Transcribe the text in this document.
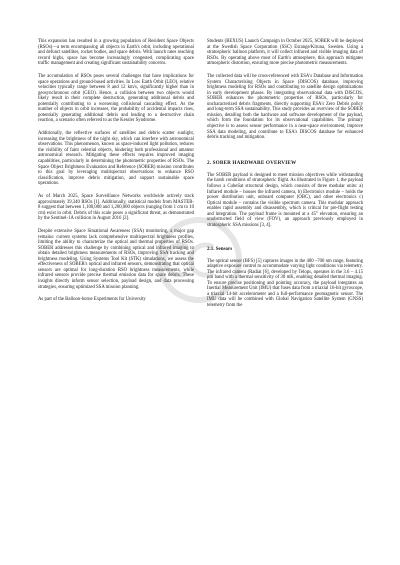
This expansion has resulted in a growing population of Resident Space Objects (RSOs)—a term encompassing all objects in Earth's orbit, including operational and defunct satellites, rocket bodies, and space debris. With launch rates reaching record highs, space has become increasingly congested, complicating space traffic management and creating significant sustainability concerns.

The accumulation of RSOs poses several challenges that have implications for space operations and ground-based activities. In Low Earth Orbit (LEO), relative velocities typically range between 8 and 12 km/s, significantly higher than in geosynchronous orbit (GEO). Hence, a collision between two objects would likely result in their complete destruction, generating additional debris and potentially contributing to a worsening collisional cascading effect. As the number of objects in orbit increases, the probability of accidental impacts rises, potentially generating additional debris and leading to a destructive chain reaction, a scenario often referred to as the Kessler Syndrome.

Additionally, the reflective surfaces of satellites and debris scatter sunlight, increasing the brightness of the night sky, which can interfere with astronomical observations. This phenomenon, known as space-induced light pollution, reduces the visibility of faint celestial objects, hindering both professional and amateur astronomical research. Mitigating these effects requires improved imaging capabilities, particularly in determining the photometric properties of RSOs. The Space Object Brightness Evaluation and Reference (SOBER) mission contributes to this goal by leveraging multispectral observations to enhance RSO classification, improve debris mitigation, and support sustainable space operations.

As of March 2025, Space Surveillance Networks worldwide actively track approximately 39,340 RSOs [1]. Additionally, statistical models from MASTER-8 suggest that between 1,100,000 and 1,200,000 objects (ranging from 1 cm to 10 cm) exist in orbit. Debris of this scale poses a significant threat, as demonstrated by the Sentinel-1A collision in August 2016 [2].

Despite extensive Space Situational Awareness (SSA) monitoring, a major gap remains: current systems lack comprehensive multispectral brightness profiles, limiting the ability to characterize the optical and thermal properties of RSOs. SOBER addresses this challenge by combining optical and infrared imaging to obtain detailed brightness measurements of RSOs, improving SSA tracking and brightness modeling. Using Systems Tool Kit (STK) simulations, we assess the effectiveness of SOBER's optical and infrared sensors, demonstrating that optical sensors are optimal for long-duration RSO brightness measurements, while infrared sensors provide precise thermal emission data for space debris. These insights directly inform sensor selection, payload design, and data processing strategies, ensuring optimized SSA mission planning.

As part of the Balloon-borne Experiments for University

Students (BEXUS) Launch Campaign in October 2025, SOBER will be deployed at the Swedish Space Corporation (SSC) Esrange/Kiruna, Sweden. Using a stratospheric balloon platform, it will collect infrared and visible imaging data of RSOs. By operating above most of Earth's atmosphere, this approach mitigates atmospheric distortion, ensuring more precise photometric measurements.

The collected data will be cross-referenced with ESA's Database and Information System Characterising Objects in Space (DISCOS) database, improving brightness modeling for RSOs and contributing to satellite design optimizations in early development phases. By integrating observational data with DISCOS, SOBER enhances the photometric properties of RSOs, particularly for uncharacterized debris fragments, directly supporting ESA's Zero Debris policy and long-term SSA sustainability. This study provides an overview of the SOBER mission, detailing both the hardware and software development of the payload, which form the foundation for its observational capabilities. The primary objective is to assess sensor performance in a near-space environment, improve SSA data modeling, and contribute to ESA's DISCOS database for enhanced debris tracking and mitigation.

2. SOBER HARDWARE OVERVIEW

The SOBER payload is designed to meet mission objectives while withstanding the harsh conditions of stratospheric flight. As illustrated in Figure 1, the payload follows a CubeSat structural design, which consists of three modular units: a) Infrared module – houses the infrared camera, b) Electronics module – holds the power distribution unit, onboard computer (OBC), and other electronics c) Optical module – contains the visible spectrum camera. This modular approach enables rapid assembly and disassembly, which is critical for pre-flight testing and integration. The payload frame is mounted at a 45° elevation, ensuring an unobstructed field of view (FOV), an approach previously employed in stratospheric SSA missions [3, 4].

2.1. Sensors

The optical sensor (BFS) [5] captures images in the 400 –700 nm range, featuring adaptive exposure control to accommodate varying light conditions via telemetry. The infrared camera (Radiat [6], developed by Telops, operates in the 3.6 – 4.15 μm band with a thermal sensitivity of 30 mK, enabling detailed thermal imaging. To ensure precise positioning and pointing accuracy, the payload integrates an Inertial Measurement Unit (IMU) that fuses data from a triaxial 16-bit gyroscope, a triaxial 14-bit accelerometer and a full-performance geomagnetic sensor. The IMU data will be combined with Global Navigation Satellite System (GNSS) telemetry from the
